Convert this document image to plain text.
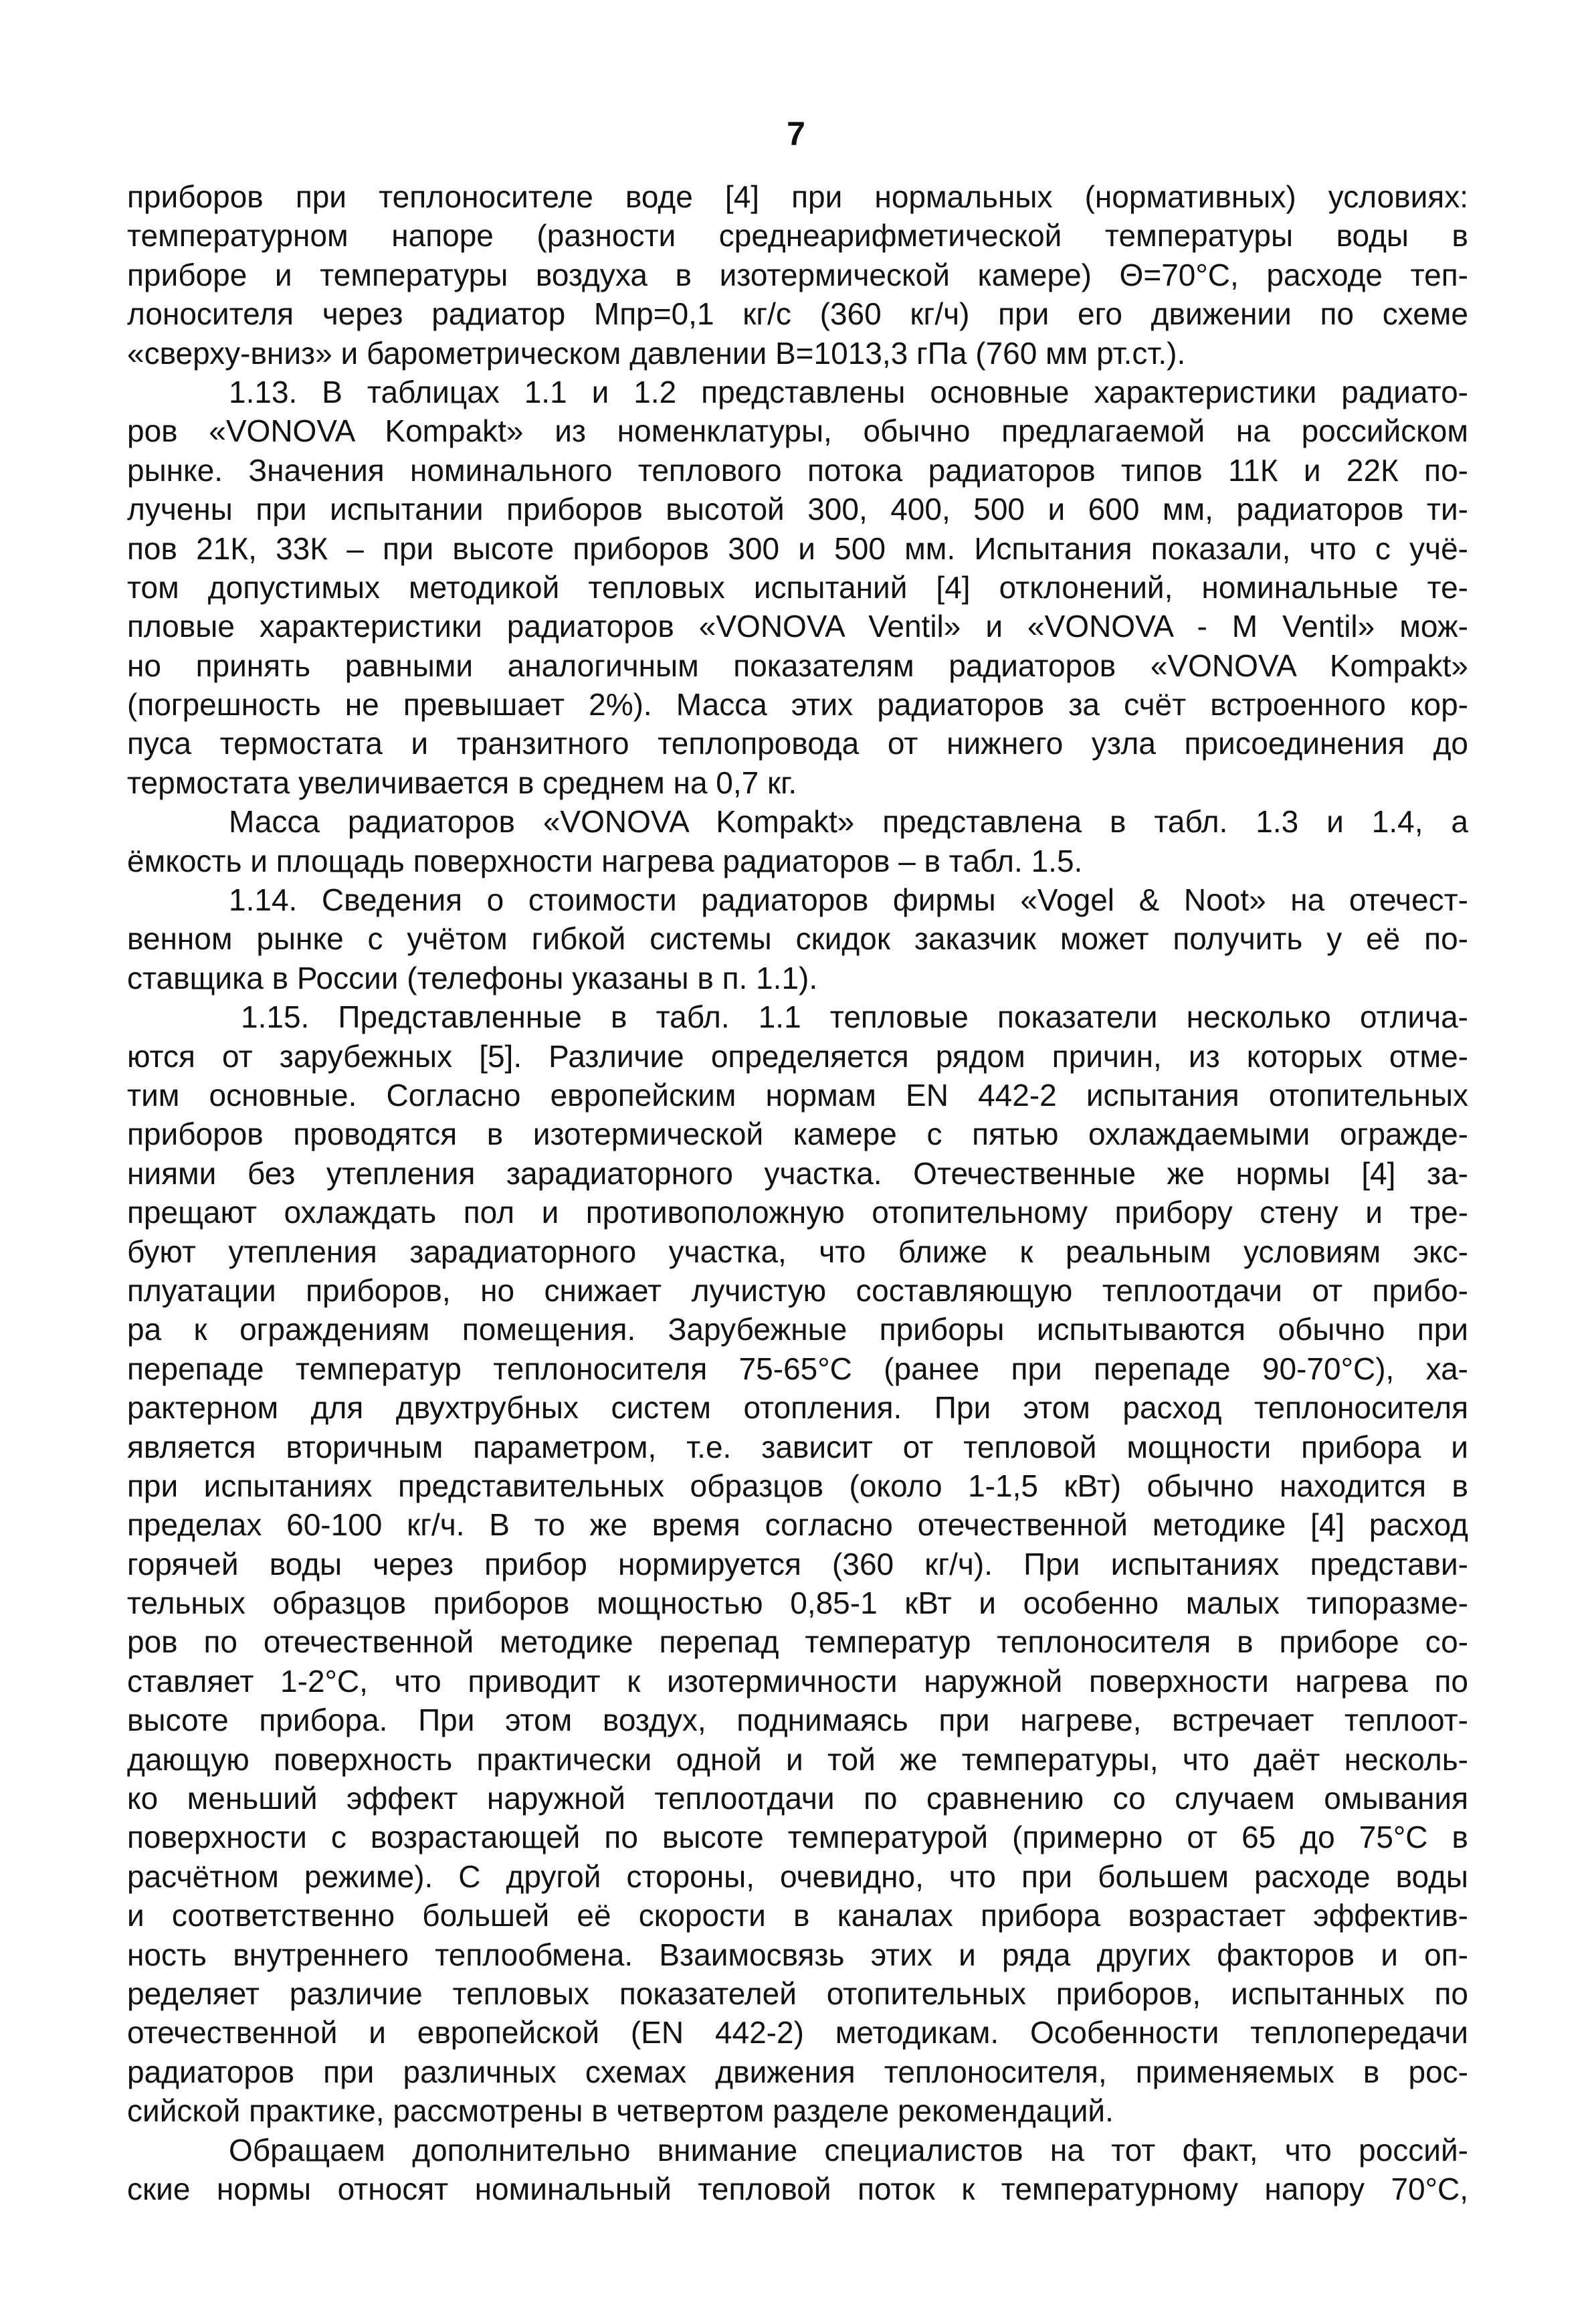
7
приборов при теплоносителе воде [4] при нормальных (нормативных) условиях:
температурном напоре (разности среднеарифметической температуры воды в
приборе и температуры воздуха в изотермической камере) Θ=70°С, расходе теп-
лоносителя через радиатор Mпр=0,1 кг/с (360 кг/ч) при его движении по схеме
«сверху-вниз» и барометрическом давлении В=1013,3 гПа (760 мм рт.ст.).
1.13. В таблицах 1.1 и 1.2 представлены основные характеристики радиато-
ров «VONOVA Kompakt» из номенклатуры, обычно предлагаемой на российском
рынке. Значения номинального теплового потока радиаторов типов 11К и 22К по-
лучены при испытании приборов высотой 300, 400, 500 и 600 мм, радиаторов ти-
пов 21К, 33К – при высоте приборов 300 и 500 мм. Испытания показали, что с учё-
том допустимых методикой тепловых испытаний [4] отклонений, номинальные те-
пловые характеристики радиаторов «VONOVA Ventil» и «VONOVA - M Ventil» мож-
но принять равными аналогичным показателям радиаторов «VONOVA Kompakt»
(погрешность не превышает 2%). Масса этих радиаторов за счёт встроенного кор-
пуса термостата и транзитного теплопровода от нижнего узла присоединения до
термостата увеличивается в среднем на 0,7 кг.
Масса радиаторов «VONOVA Kompakt» представлена в табл. 1.3 и 1.4, а
ёмкость и площадь поверхности нагрева радиаторов – в табл. 1.5.
1.14. Сведения о стоимости радиаторов фирмы «Vogel & Noot» на отечест-
венном рынке с учётом гибкой системы скидок заказчик может получить у её по-
ставщика в России (телефоны указаны в п. 1.1).
1.15. Представленные в табл. 1.1 тепловые показатели несколько отлича-
ются от зарубежных [5]. Различие определяется рядом причин, из которых отме-
тим основные. Согласно европейским нормам EN 442-2 испытания отопительных
приборов проводятся в изотермической камере с пятью охлаждаемыми огражде-
ниями без утепления зарадиаторного участка. Отечественные же нормы [4] за-
прещают охлаждать пол и противоположную отопительному прибору стену и тре-
буют утепления зарадиаторного участка, что ближе к реальным условиям экс-
плуатации приборов, но снижает лучистую составляющую теплоотдачи от прибо-
ра к ограждениям помещения. Зарубежные приборы испытываются обычно при
перепаде температур теплоносителя 75-65°С (ранее при перепаде 90-70°С), ха-
рактерном для двухтрубных систем отопления. При этом расход теплоносителя
является вторичным параметром, т.е. зависит от тепловой мощности прибора и
при испытаниях представительных образцов (около 1-1,5 кВт) обычно находится в
пределах 60-100 кг/ч. В то же время согласно отечественной методике [4] расход
горячей воды через прибор нормируется (360 кг/ч). При испытаниях представи-
тельных образцов приборов мощностью 0,85-1 кВт и особенно малых типоразме-
ров по отечественной методике перепад температур теплоносителя в приборе со-
ставляет 1-2°С, что приводит к изотермичности наружной поверхности нагрева по
высоте прибора. При этом воздух, поднимаясь при нагреве, встречает теплоот-
дающую поверхность практически одной и той же температуры, что даёт несколь-
ко меньший эффект наружной теплоотдачи по сравнению со случаем омывания
поверхности с возрастающей по высоте температурой (примерно от 65 до 75°С в
расчётном режиме). С другой стороны, очевидно, что при большем расходе воды
и соответственно большей её скорости в каналах прибора возрастает эффектив-
ность внутреннего теплообмена. Взаимосвязь этих и ряда других факторов и оп-
ределяет различие тепловых показателей отопительных приборов, испытанных по
отечественной и европейской (EN 442-2) методикам. Особенности теплопередачи
радиаторов при различных схемах движения теплоносителя, применяемых в рос-
сийской практике, рассмотрены в четвертом разделе рекомендаций.
Обращаем дополнительно внимание специалистов на тот факт, что россий-
ские нормы относят номинальный тепловой поток к температурному напору 70°С,
